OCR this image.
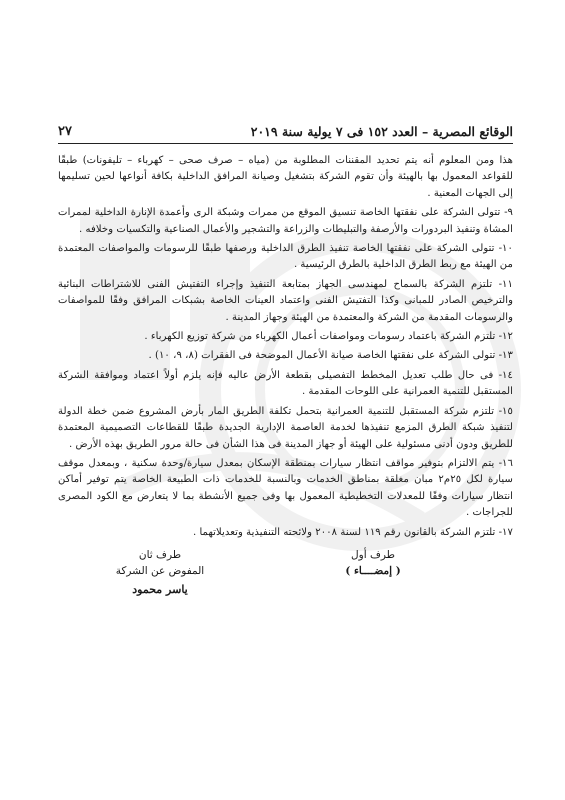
الوقائع المصرية – العدد ١٥٢ فى ٧ يولية سنة ٢٠١٩
٢٧

هذا ومن المعلوم أنه يتم تحديد المقننات المطلوبة من (مياه – صرف صحى – كهرباء – تليفونات) طبقًا للقواعد المعمول بها بالهيئة وأن تقوم الشركة بتشغيل وصيانة المرافق الداخلية بكافة أنواعها لحين تسليمها إلى الجهات المعنية .

٩- تتولى الشركة على نفقتها الخاصة تنسيق الموقع من ممرات وشبكة الرى وأعمدة الإنارة الداخلية لممرات المشاة وتنفيذ البردورات والأرصفة والتبليطات والزراعة والتشجير والأعمال الصناعية والتكسيات وخلافه .

١٠- تتولى الشركة على نفقتها الخاصة تنفيذ الطرق الداخلية ورصفها طبقًا للرسومات والمواصفات المعتمدة من الهيئة مع ربط الطرق الداخلية بالطرق الرئيسية .

١١- تلتزم الشركة بالسماح لمهندسى الجهاز بمتابعة التنفيذ وإجراء التفتيش الفنى للاشتراطات البنائية والترخيص الصادر للمبانى وكذا التفتيش الفنى واعتماد العينات الخاصة بشبكات المرافق وفقًا للمواصفات والرسومات المقدمة من الشركة والمعتمدة من الهيئة وجهاز المدينة .

١٢- تلتزم الشركة باعتماد رسومات ومواصفات أعمال الكهرباء من شركة توزيع الكهرباء .

١٣- تتولى الشركة على نفقتها الخاصة صيانة الأعمال الموضحة فى الفقرات (٨، ٩، ١٠) .

١٤- فى حال طلب تعديل المخطط التفصيلى بقطعة الأرض عاليه فإنه يلزم أولاً اعتماد وموافقة الشركة المستقبل للتنمية العمرانية على اللوحات المقدمة .

١٥- تلتزم شركة المستقبل للتنمية العمرانية بتحمل تكلفة الطريق المار بأرض المشروع ضمن خطة الدولة لتنفيذ شبكة الطرق المزمع تنفيذها لخدمة العاصمة الإدارية الجديدة طبقًا للقطاعات التصميمية المعتمدة للطريق ودون أدنى مسئولية على الهيئة أو جهاز المدينة فى هذا الشأن فى حالة مرور الطريق بهذه الأرض .

١٦- يتم الالتزام بتوفير مواقف انتظار سيارات بمنطقة الإسكان بمعدل سيارة/وحدة سكنية ، وبمعدل موقف سيارة لكل ٢٥م٢ مبان مغلقة بمناطق الخدمات وبالنسبة للخدمات ذات الطبيعة الخاصة يتم توفير أماكن انتظار سيارات وفقًا للمعدلات التخطيطية المعمول بها وفى جميع الأنشطة بما لا يتعارض مع الكود المصرى للجراجات .

١٧- تلتزم الشركة بالقانون رقم ١١٩ لسنة ٢٠٠٨ ولائحته التنفيذية وتعديلاتهما .

طرف أول
( إمضــــاء )
طرف ثان
المفوض عن الشركة
ياسر محمود
